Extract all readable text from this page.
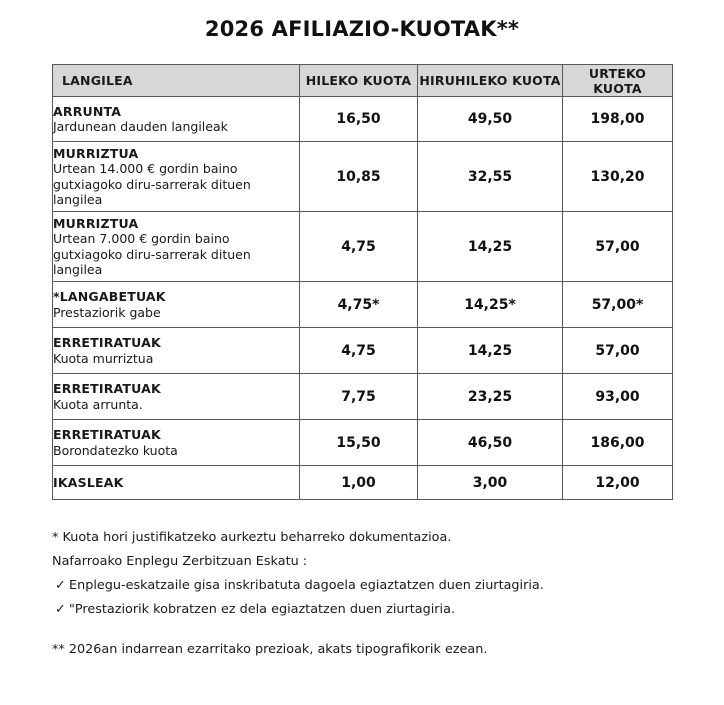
2026 AFILIAZIO-KUOTAK**
LANGILEA	HILEKO KUOTA	HIRUHILEKO KUOTA	URTEKO KUOTA

ARRUNTA
Jardunean dauden langileak	16,50	49,50	198,00

MURRIZTUA
Urtean 14.000 € gordin baino gutxiagoko diru-sarrerak dituen langilea	10,85	32,55	130,20

MURRIZTUA
Urtean 7.000 € gordin baino gutxiagoko diru-sarrerak dituen langilea	4,75	14,25	57,00

*LANGABETUAK
Prestaziorik gabe	4,75*	14,25*	57,00*

ERRETIRATUAK
Kuota murriztua	4,75	14,25	57,00

ERRETIRATUAK
Kuota arrunta.	7,75	23,25	93,00

ERRETIRATUAK
Borondatezko kuota	15,50	46,50	186,00

IKASLEAK	1,00	3,00	12,00

* Kuota hori justifikatzeko aurkeztu beharreko dokumentazioa.

Nafarroako Enplegu Zerbitzuan Eskatu :

✓ Enplegu-eskatzaile gisa inskribatuta dagoela egiaztatzen duen ziurtagiria.

✓ "Prestaziorik kobratzen ez dela egiaztatzen duen ziurtagiria.

** 2026an indarrean ezarritako prezioak, akats tipografikorik ezean.
